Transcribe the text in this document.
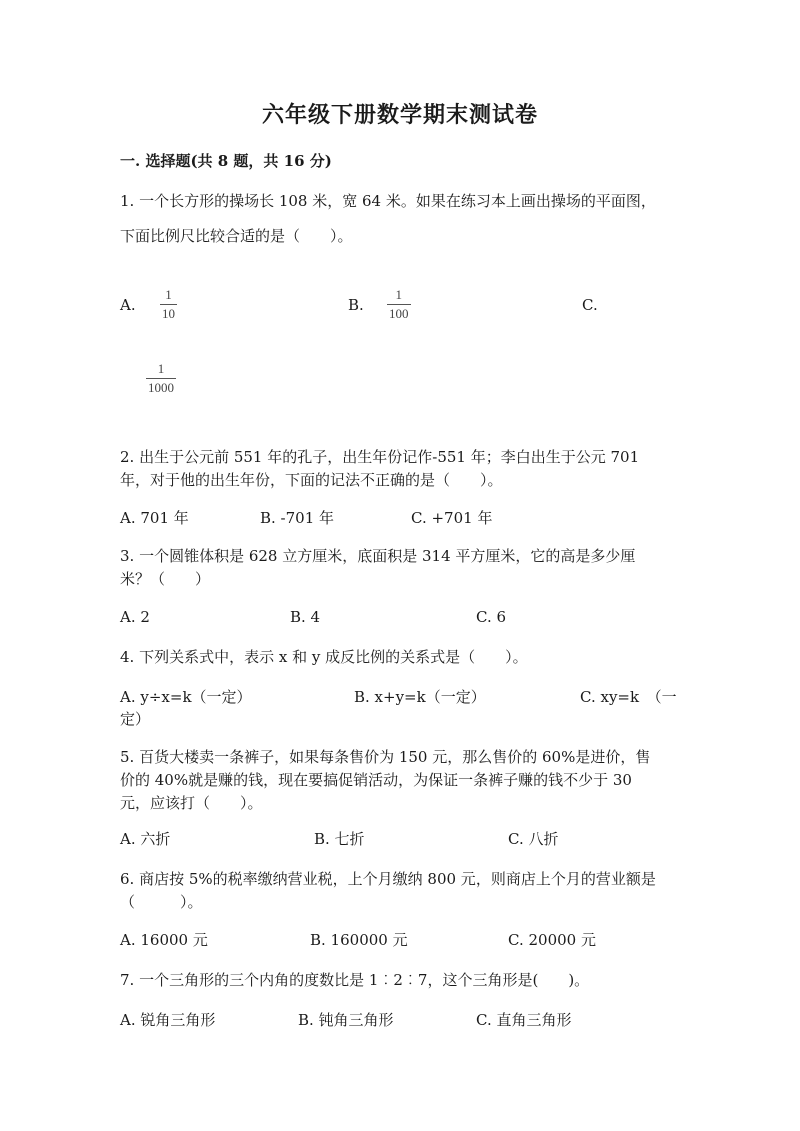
六年级下册数学期末测试卷
一. 选择题(共 8 题，共 16 分)
1. 一个长方形的操场长 108 米，宽 64 米。如果在练习本上画出操场的平面图，
下面比例尺比较合适的是（　　）。
A.
1
10	B.
1
100	C.
1
1000
2. 出生于公元前 551 年的孔子，出生年份记作-551 年；李白出生于公元 701
年，对于他的出生年份，下面的记法不正确的是（　　）。
A. 701 年	B. -701 年	C. +701 年
3. 一个圆锥体积是 628 立方厘米，底面积是 314 平方厘米，它的高是多少厘
米？（　　）
A. 2	B. 4	C. 6
4. 下列关系式中，表示 x 和 y 成反比例的关系式是（　　）。
A. y÷x=k（一定）	B. x+y=k（一定）	C. xy=k　（一
定）
5. 百货大楼卖一条裤子，如果每条售价为 150 元，那么售价的 60%是进价，售
价的 40%就是赚的钱，现在要搞促销活动，为保证一条裤子赚的钱不少于 30
元，应该打（　　）。
A. 六折	B. 七折	C. 八折
6. 商店按 5%的税率缴纳营业税，上个月缴纳 800 元，则商店上个月的营业额是
（　　　）。
A. 16000 元	B. 160000 元	C. 20000 元
7. 一个三角形的三个内角的度数比是 1︰2︰7，这个三角形是(　　)。
A. 锐角三角形	B. 钝角三角形	C. 直角三角形
